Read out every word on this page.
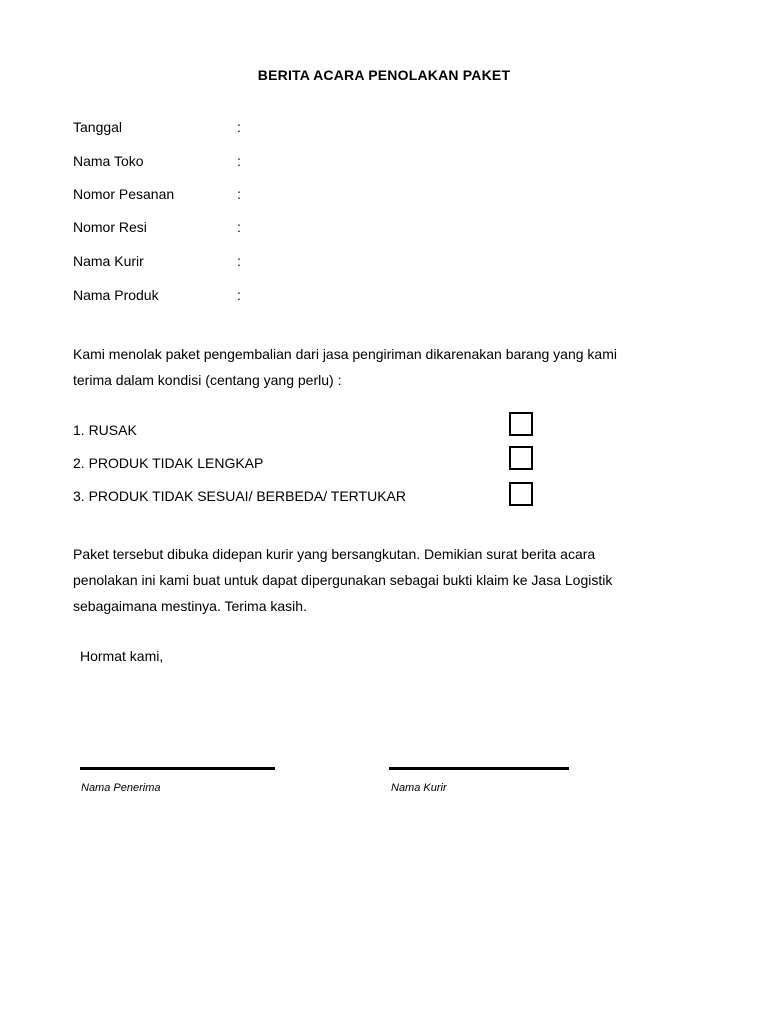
BERITA ACARA PENOLAKAN PAKET
Tanggal	:
Nama Toko	:
Nomor Pesanan	:
Nomor Resi	:
Nama Kurir	:
Nama Produk	:
Kami menolak paket pengembalian dari jasa pengiriman dikarenakan barang yang kami
terima dalam kondisi (centang yang perlu) :
1. RUSAK
2. PRODUK TIDAK LENGKAP
3. PRODUK TIDAK SESUAI/ BERBEDA/ TERTUKAR
Paket tersebut dibuka didepan kurir yang bersangkutan. Demikian surat berita acara
penolakan ini kami buat untuk dapat dipergunakan sebagai bukti klaim ke Jasa Logistik
sebagaimana mestinya. Terima kasih.
Hormat kami,
Nama Penerima	Nama Kurir
